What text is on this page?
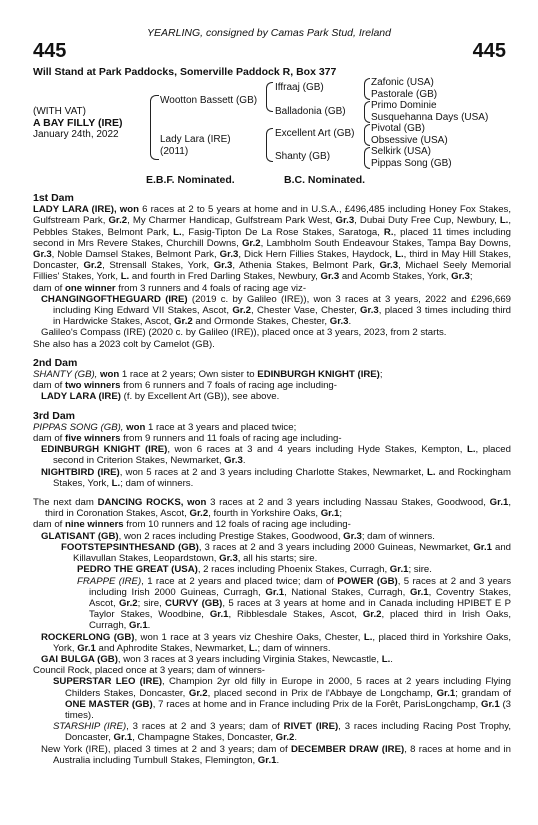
YEARLING, consigned by Camas Park Stud, Ireland
445	445
Will Stand at Park Paddocks, Somerville Paddock R, Box 377
(WITH VAT)
A BAY FILLY (IRE)
January 24th, 2022
Wootton Bassett (GB)
Lady Lara (IRE)
(2011)
Iffraaj (GB)
Balladonia (GB)
Excellent Art (GB)
Shanty (GB)
Zafonic (USA)
Pastorale (GB)
Primo Dominie
Susquehanna Days (USA)
Pivotal (GB)
Obsessive (USA)
Selkirk (USA)
Pippas Song (GB)
E.B.F. Nominated.	B.C. Nominated.

1st Dam

LADY LARA (IRE), won 6 races at 2 to 5 years at home and in U.S.A., £496,485 including Honey Fox Stakes, Gulfstream Park, Gr.2, My Charmer Handicap, Gulfstream Park West, Gr.3, Dubai Duty Free Cup, Newbury, L., Pebbles Stakes, Belmont Park, L., Fasig-Tipton De La Rose Stakes, Saratoga, R., placed 11 times including second in Mrs Revere Stakes, Churchill Downs, Gr.2, Lambholm South Endeavour Stakes, Tampa Bay Downs, Gr.3, Noble Damsel Stakes, Belmont Park, Gr.3, Dick Hern Fillies Stakes, Haydock, L., third in May Hill Stakes, Doncaster, Gr.2, Strensall Stakes, York, Gr.3, Athenia Stakes, Belmont Park, Gr.3, Michael Seely Memorial Fillies' Stakes, York, L. and fourth in Fred Darling Stakes, Newbury, Gr.3 and Acomb Stakes, York, Gr.3;

dam of one winner from 3 runners and 4 foals of racing age viz-

CHANGINGOFTHEGUARD (IRE) (2019 c. by Galileo (IRE)), won 3 races at 3 years, 2022 and £296,669 including King Edward VII Stakes, Ascot, Gr.2, Chester Vase, Chester, Gr.3, placed 3 times including third in Hardwicke Stakes, Ascot, Gr.2 and Ormonde Stakes, Chester, Gr.3.

Galileo's Compass (IRE) (2020 c. by Galileo (IRE)), placed once at 3 years, 2023, from 2 starts.

She also has a 2023 colt by Camelot (GB).

2nd Dam

SHANTY (GB), won 1 race at 2 years; Own sister to EDINBURGH KNIGHT (IRE);

dam of two winners from 6 runners and 7 foals of racing age including-

LADY LARA (IRE) (f. by Excellent Art (GB)), see above.

3rd Dam

PIPPAS SONG (GB), won 1 race at 3 years and placed twice;

dam of five winners from 9 runners and 11 foals of racing age including-

EDINBURGH KNIGHT (IRE), won 6 races at 3 and 4 years including Hyde Stakes, Kempton, L., placed second in Criterion Stakes, Newmarket, Gr.3.

NIGHTBIRD (IRE), won 5 races at 2 and 3 years including Charlotte Stakes, Newmarket, L. and Rockingham Stakes, York, L.; dam of winners.

The next dam DANCING ROCKS, won 3 races at 2 and 3 years including Nassau Stakes, Goodwood, Gr.1, third in Coronation Stakes, Ascot, Gr.2, fourth in Yorkshire Oaks, Gr.1;

dam of nine winners from 10 runners and 12 foals of racing age including-

GLATISANT (GB), won 2 races including Prestige Stakes, Goodwood, Gr.3; dam of winners.

FOOTSTEPSINTHESAND (GB), 3 races at 2 and 3 years including 2000 Guineas, Newmarket, Gr.1 and Killavullan Stakes, Leopardstown, Gr.3, all his starts; sire.

PEDRO THE GREAT (USA), 2 races including Phoenix Stakes, Curragh, Gr.1; sire.

FRAPPE (IRE), 1 race at 2 years and placed twice; dam of POWER (GB), 5 races at 2 and 3 years including Irish 2000 Guineas, Curragh, Gr.1, National Stakes, Curragh, Gr.1, Coventry Stakes, Ascot, Gr.2; sire, CURVY (GB), 5 races at 3 years at home and in Canada including HPIBET E P Taylor Stakes, Woodbine, Gr.1, Ribblesdale Stakes, Ascot, Gr.2, placed third in Irish Oaks, Curragh, Gr.1.

ROCKERLONG (GB), won 1 race at 3 years viz Cheshire Oaks, Chester, L., placed third in Yorkshire Oaks, York, Gr.1 and Aphrodite Stakes, Newmarket, L.; dam of winners.

GAI BULGA (GB), won 3 races at 3 years including Virginia Stakes, Newcastle, L..

Council Rock, placed once at 3 years; dam of winners-

SUPERSTAR LEO (IRE), Champion 2yr old filly in Europe in 2000, 5 races at 2 years including Flying Childers Stakes, Doncaster, Gr.2, placed second in Prix de l'Abbaye de Longchamp, Gr.1; grandam of ONE MASTER (GB), 7 races at home and in France including Prix de la Forêt, ParisLongchamp, Gr.1 (3 times).

STARSHIP (IRE), 3 races at 2 and 3 years; dam of RIVET (IRE), 3 races including Racing Post Trophy, Doncaster, Gr.1, Champagne Stakes, Doncaster, Gr.2.

New York (IRE), placed 3 times at 2 and 3 years; dam of DECEMBER DRAW (IRE), 8 races at home and in Australia including Turnbull Stakes, Flemington, Gr.1.
